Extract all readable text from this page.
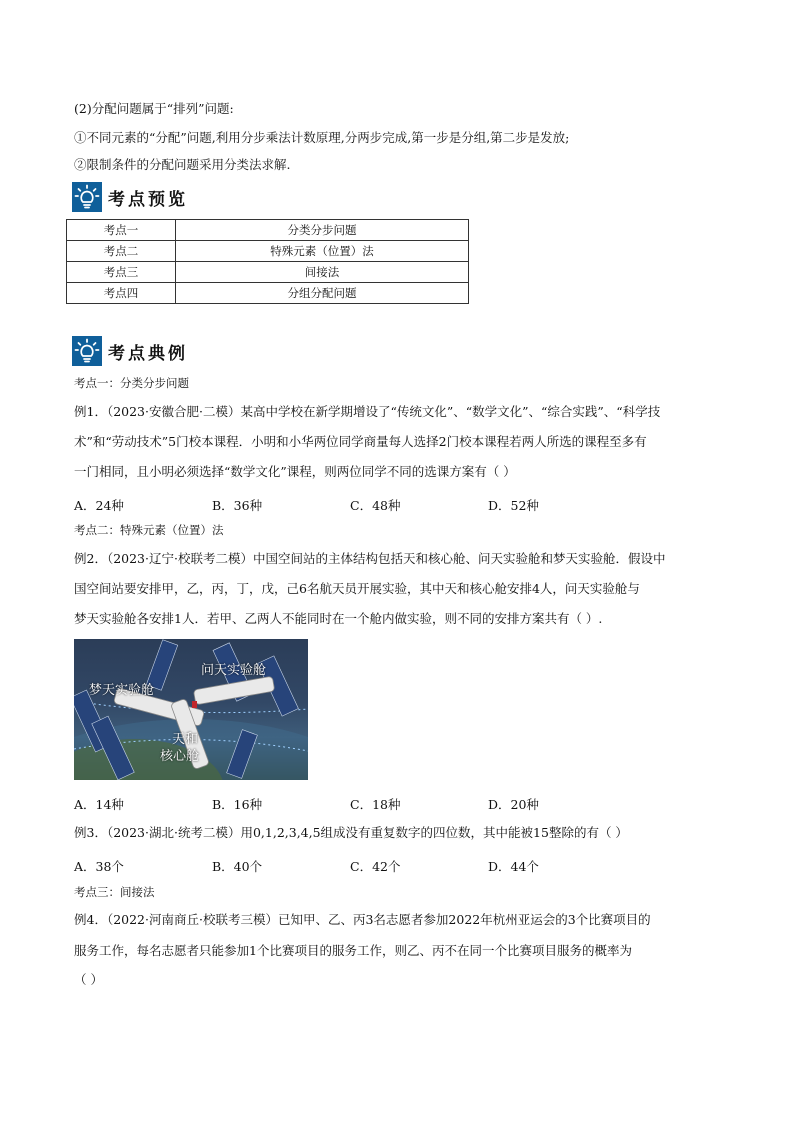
(2)分配问题属于“排列”问题:
①不同元素的“分配”问题,利用分步乘法计数原理,分两步完成,第一步是分组,第二步是发放;
②限制条件的分配问题采用分类法求解.
考点预览
考点一	分类分步问题
考点二	特殊元素（位置）法
考点三	间接法
考点四	分组分配问题
考点典例
考点一：分类分步问题
例1．（2023·安徽合肥·二模）某高中学校在新学期增设了“传统文化”、“数学文化”、“综合实践”、“科学技
术”和“劳动技术”5门校本课程．小明和小华两位同学商量每人选择2门校本课程若两人所选的课程至多有
一门相同，且小明必须选择“数学文化”课程，则两位同学不同的选课方案有（ ）
A．24种	B．36种	C．48种	D．52种
考点二：特殊元素（位置）法
例2．（2023·辽宁·校联考二模）中国空间站的主体结构包括天和核心舱、问天实验舱和梦天实验舱．假设中
国空间站要安排甲，乙，丙，丁，戊，己6名航天员开展实验，其中天和核心舱安排4人，问天实验舱与
梦天实验舱各安排1人．若甲、乙两人不能同时在一个舱内做实验，则不同的安排方案共有（ ）.
问天实验舱
梦天实验舱
天和
核心舱
A．14种	B．16种	C．18种	D．20种
例3．（2023·湖北·统考二模）用0,1,2,3,4,5组成没有重复数字的四位数，其中能被15整除的有（ ）
A．38个	B．40个	C．42个	D．44个
考点三：间接法
例4．（2022·河南商丘·校联考三模）已知甲、乙、丙3名志愿者参加2022年杭州亚运会的3个比赛项目的
服务工作，每名志愿者只能参加1个比赛项目的服务工作，则乙、丙不在同一个比赛项目服务的概率为
（ ）
